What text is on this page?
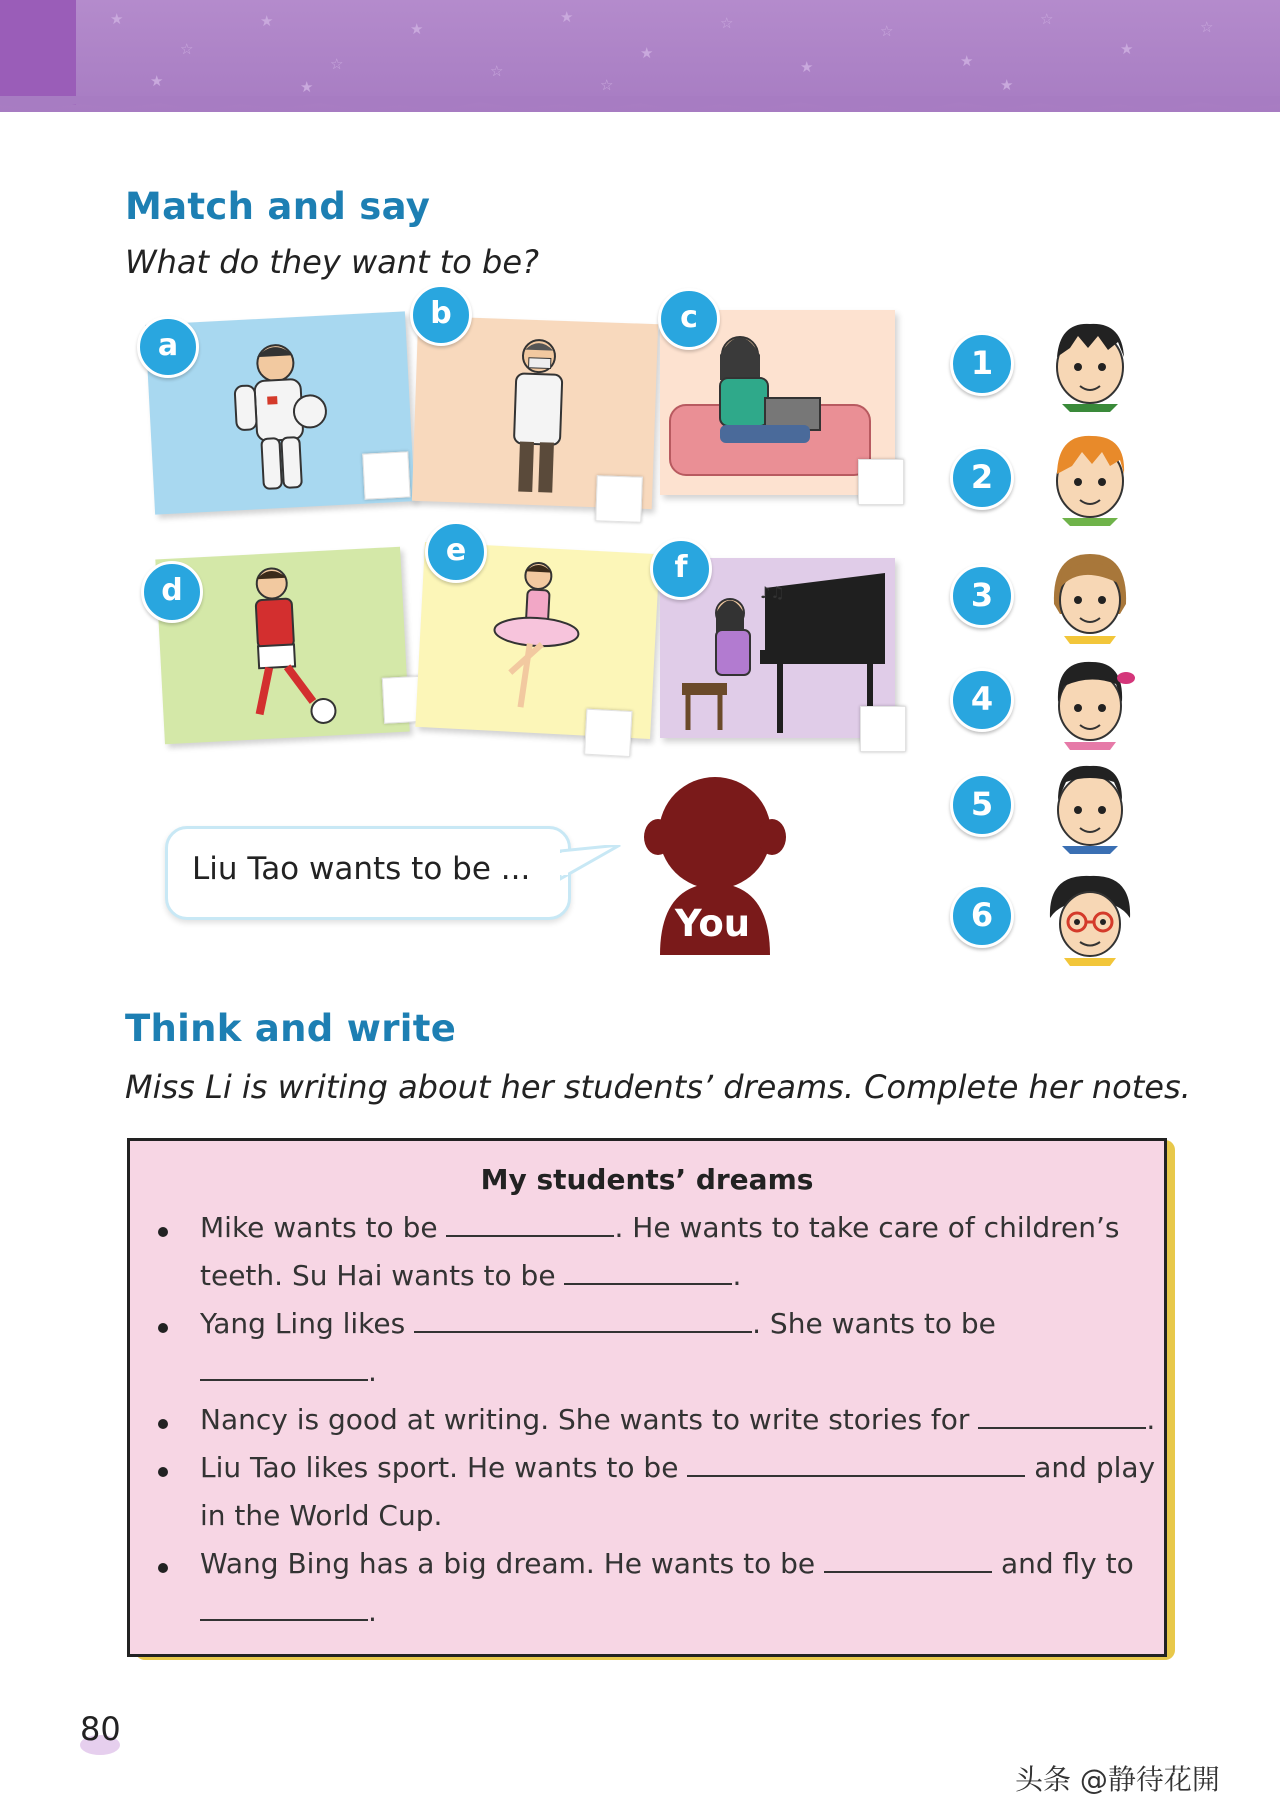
★
☆
★
☆
★
☆
★
★
☆
★
☆
★
☆
★
☆
★	★	☆	★
Match and say
What do they want to be?
a
b	c
d
e
♪♫
f
1
2
3
4
5
6
Liu Tao wants to be ...
You
Think and write
Miss Li is writing about her students’ dreams. Complete her notes.
My students’ dreams
Mike wants to be	. He wants to take care of children’s
teeth. Su Hai wants to be	.
Yang Ling likes	. She wants to be
.
Nancy is good at writing. She wants to write stories for	.
Liu Tao likes sport. He wants to be	and play
in the World Cup.
Wang Bing has a big dream. He wants to be	and fly to
.
80
头条 @静待花開
